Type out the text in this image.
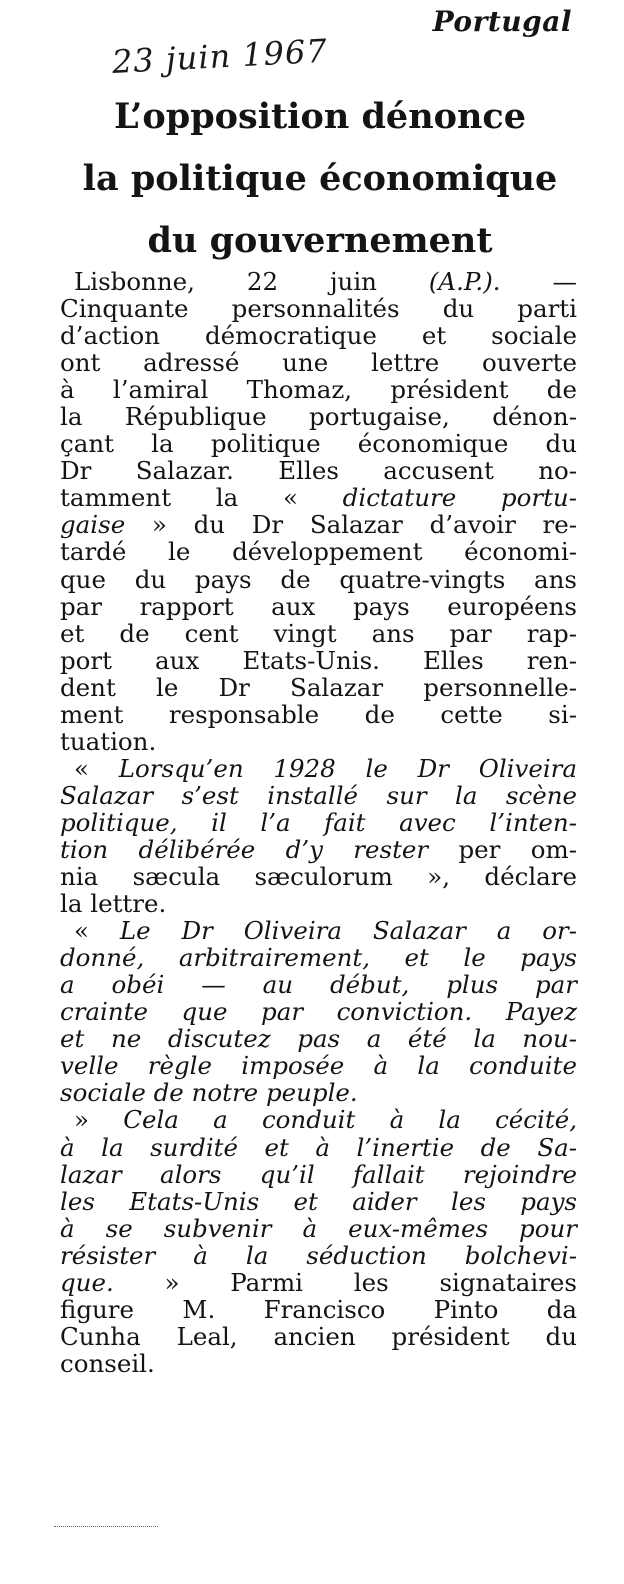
Portugal
23 juin 1967
L’opposition dénonce
la politique économique
du gouvernement
Lisbonne, 22 juin (A.P.). —
Cinquante personnalités du parti
d’action démocratique et sociale
ont adressé une lettre ouverte
à l’amiral Thomaz, président de
la République portugaise, dénon-
çant la politique économique du
Dr Salazar. Elles accusent no-
tamment la « dictature portu-
gaise » du Dr Salazar d’avoir re-
tardé le développement économi-
que du pays de quatre-vingts ans
par rapport aux pays européens
et de cent vingt ans par rap-
port aux Etats-Unis. Elles ren-
dent le Dr Salazar personnelle-
ment responsable de cette si-
tuation.
« Lorsqu’en 1928 le Dr Oliveira
Salazar s’est installé sur la scène
politique, il l’a fait avec l’inten-
tion délibérée d’y rester per om-
nia sæcula sæculorum », déclare
la lettre.
« Le Dr Oliveira Salazar a or-
donné, arbitrairement, et le pays
a obéi — au début, plus par
crainte que par conviction. Payez
et ne discutez pas a été la nou-
velle règle imposée à la conduite
sociale de notre peuple.
» Cela a conduit à la cécité,
à la surdité et à l’inertie de Sa-
lazar alors qu’il fallait rejoindre
les Etats-Unis et aider les pays
à se subvenir à eux-mêmes pour
résister à la séduction bolchevi-
que. » Parmi les signataires
figure M. Francisco Pinto da
Cunha Leal, ancien président du
conseil.
